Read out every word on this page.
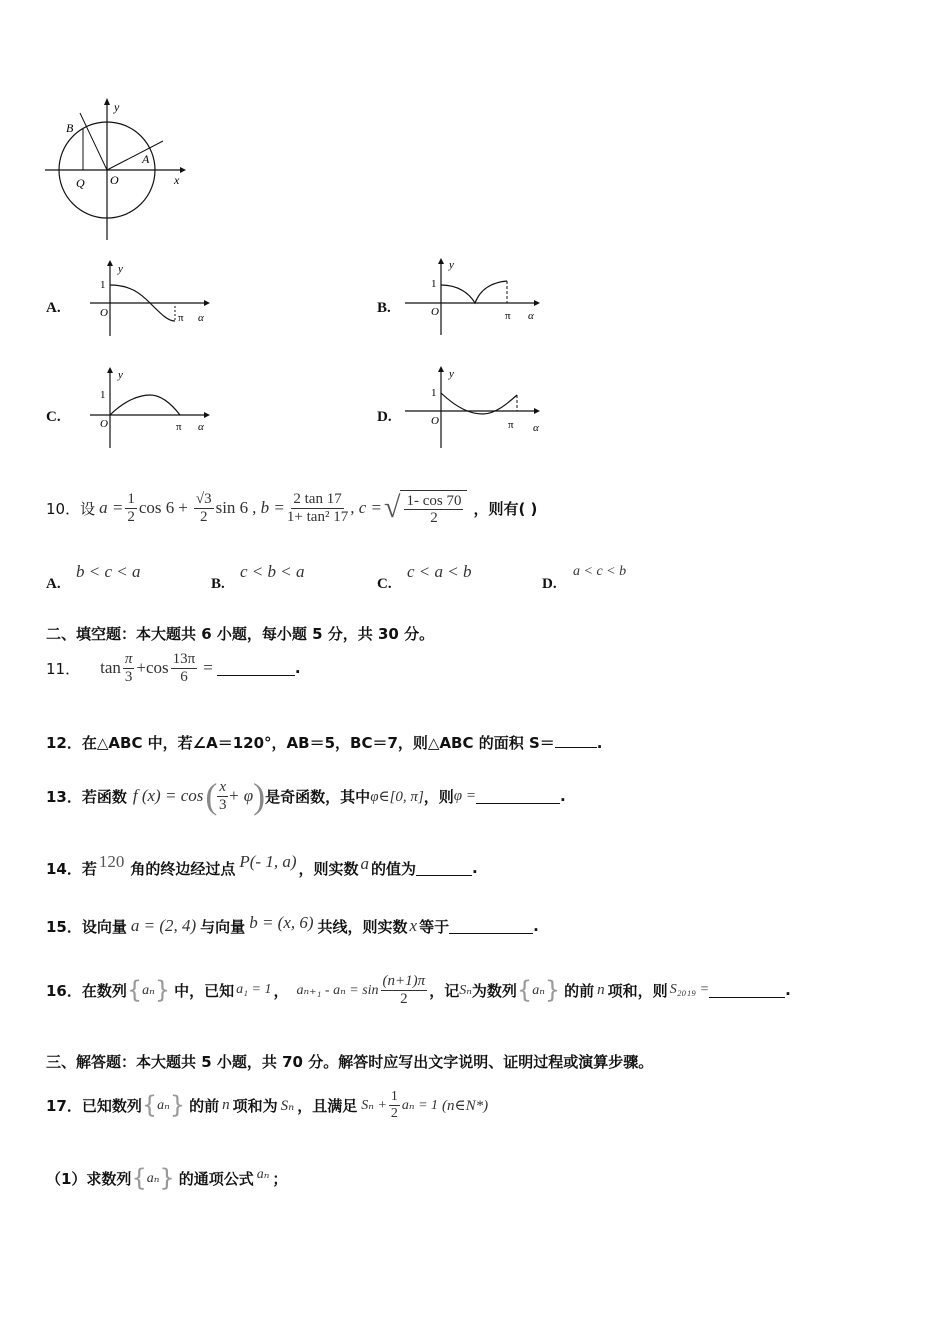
y
x
B
A
Q O
A.
y
1
O	π α
B.
y
1
O	π α
C.
y
1
O	π α
D.
y
1
O	π α
10．设 $a = \frac{1}{2}$ $\cos 6 + \frac{√3}{2}$ sin 6 , $b = \frac{2 \tan 17}{\text{1+ tan² 17}}$ , c = √ $\frac{1- \cos 70}{2}$ ，则有( )
A.
b < c < a
B.
c < b < a
C.
c < a < b
D.
a < c < b
二、填空题：本大题共 6 小题，每小题 5 分，共 30 分。
11． $\tan \frac{\pi}{3} + \cos \frac{13\pi}{6}$ =	.
12．在△ABC 中，若∠A＝120°，AB＝5，BC＝7，则△ABC 的面积 S＝	.
13．若函数 f (x) = cos ( $\frac{x}{3} + \varphi$ ) 是奇函数，其中 φ∈[0, π] ，则 φ =	.
14．若 120 角的终边经过点 P(- 1, a) ，则实数 a 的值为	.
15．设向量 a = (2, 4) 与向量 b = (x, 6) 共线，则实数 x 等于	.
16．在数列 { aₙ } 中，已知 a₁ = 1 ， $a_{n+1} - a_n = \sin \frac{(n+1)\pi}{2}$ ，记 Sₙ 为数列 { aₙ } 的前 n 项和，则 S₂₀₁₉ =	.
三、解答题：本大题共 5 小题，共 70 分。解答时应写出文字说明、证明过程或演算步骤。
17．已知数列 { aₙ } 的前 n 项和为 Sₙ ，且满足 $S_n + \frac{1}{2}$ aₙ = 1 (n∈N*)
（1）求数列 { aₙ } 的通项公式 aₙ ；
